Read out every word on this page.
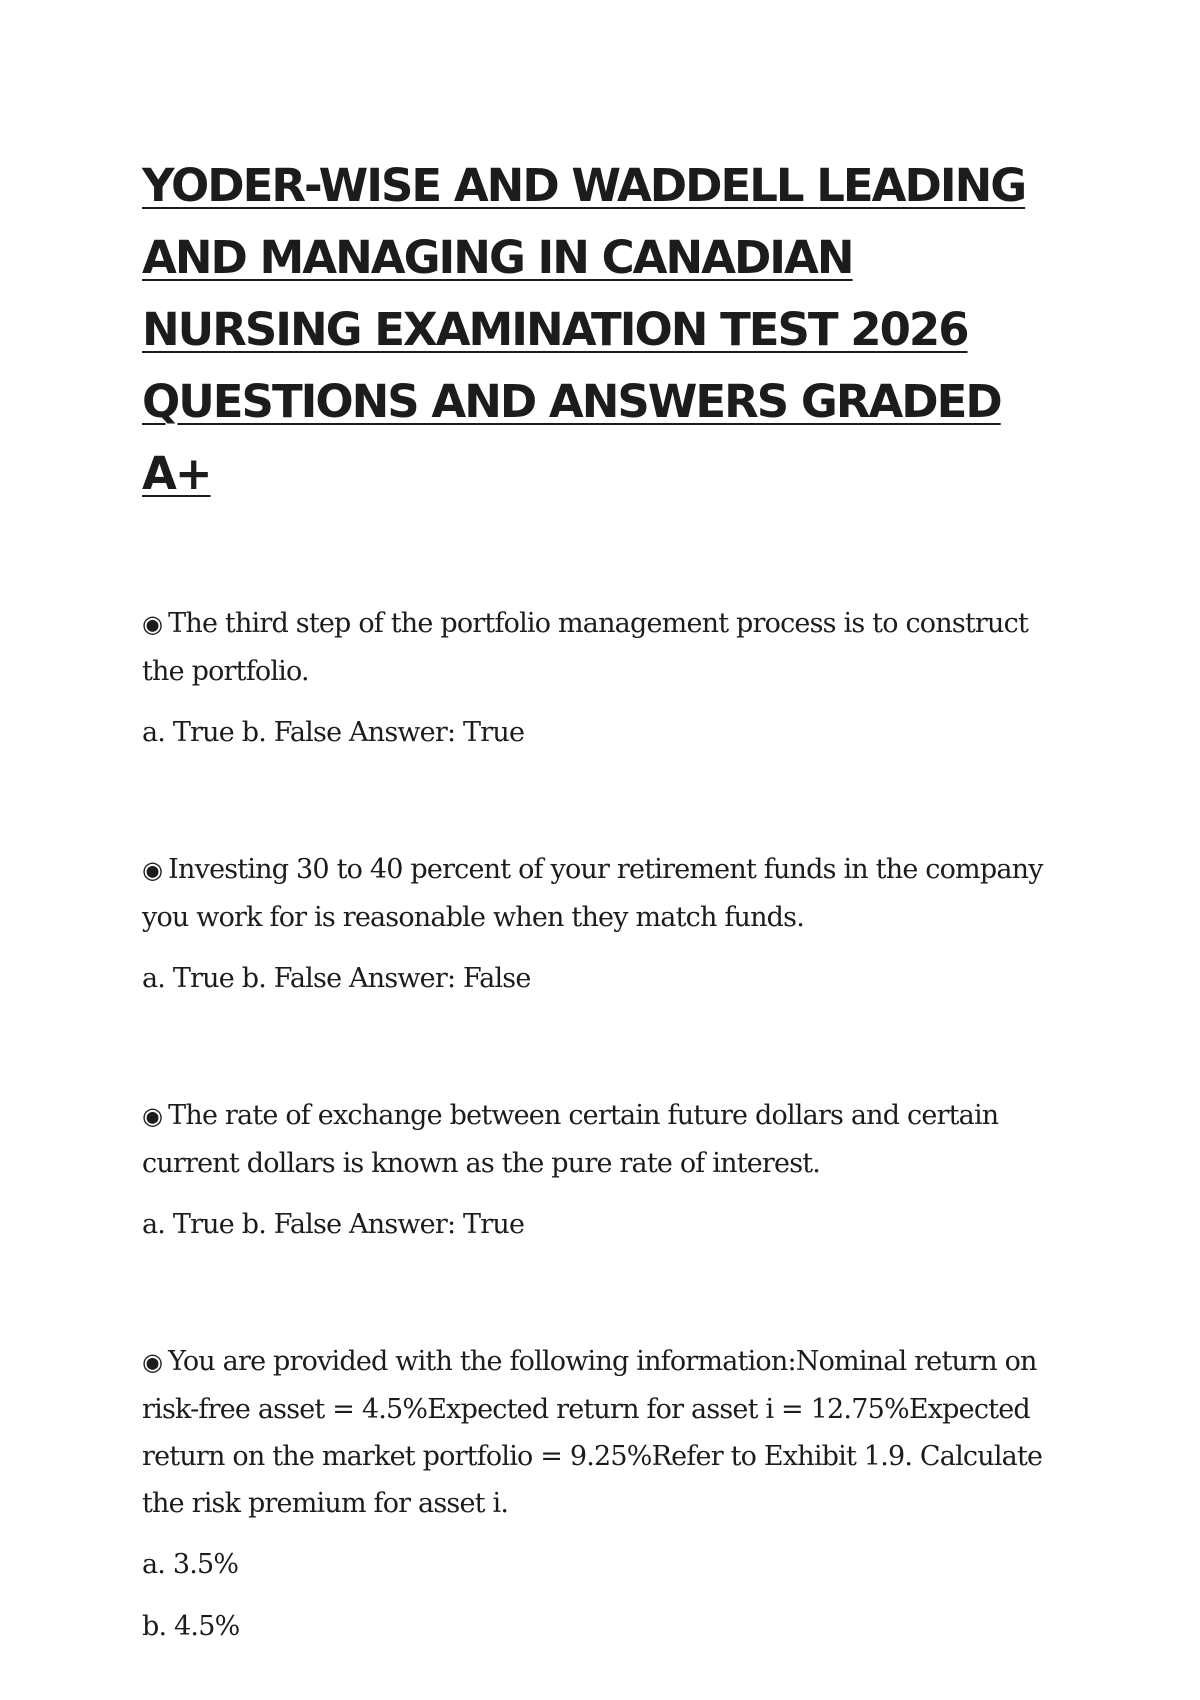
YODER-WISE AND WADDELL LEADING AND MANAGING IN CANADIAN NURSING EXAMINATION TEST 2026 QUESTIONS AND ANSWERS GRADED A+

◉ The third step of the portfolio management process is to construct the portfolio.

a. True b. False Answer: True

◉ Investing 30 to 40 percent of your retirement funds in the company you work for is reasonable when they match funds.

a. True b. False Answer: False

◉ The rate of exchange between certain future dollars and certain current dollars is known as the pure rate of interest.

a. True b. False Answer: True

◉ You are provided with the following information:Nominal return on risk-free asset = 4.5%Expected return for asset i = 12.75%Expected return on the market portfolio = 9.25%Refer to Exhibit 1.9. Calculate the risk premium for asset i.

a. 3.5%

b. 4.5%
